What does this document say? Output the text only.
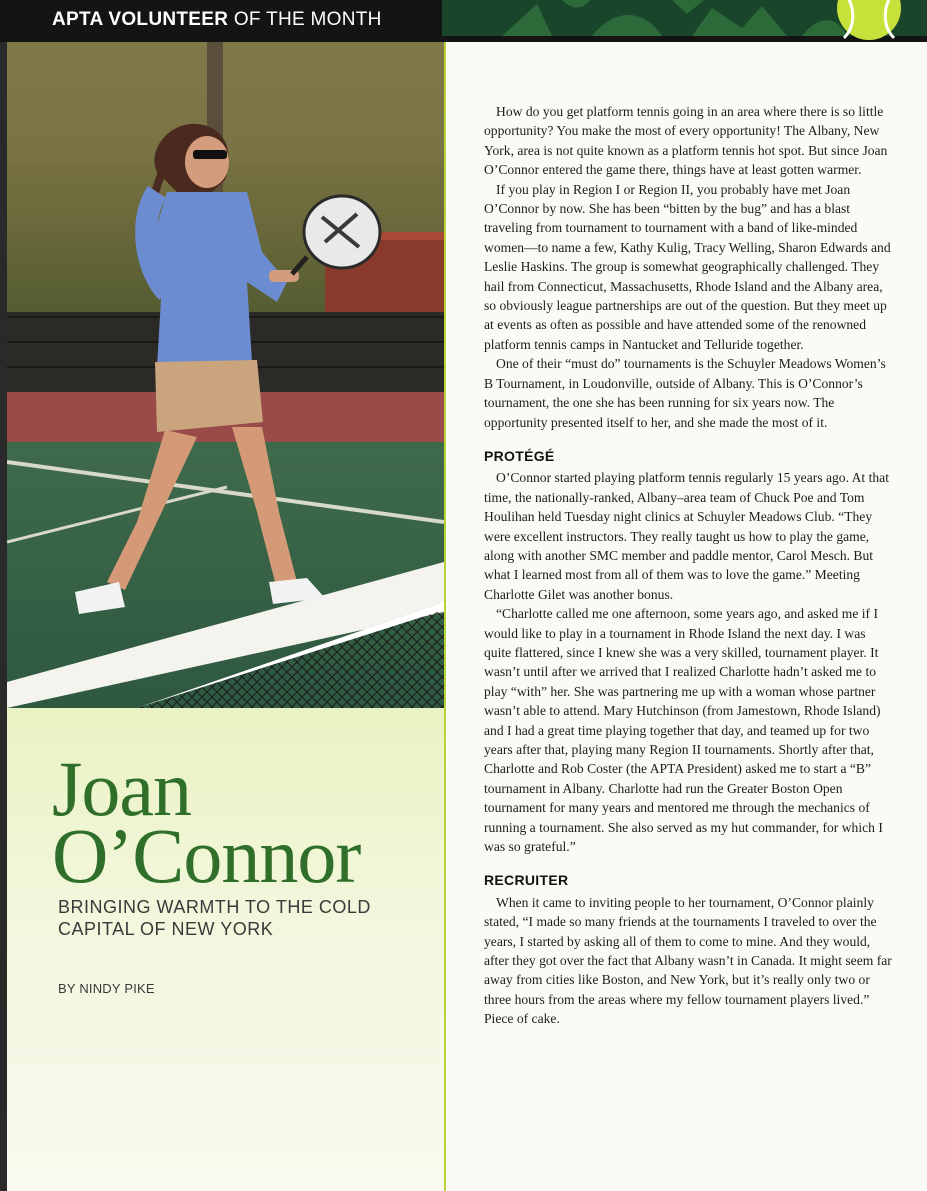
APTA VOLUNTEER OF THE MONTH
Joan
O’Connor
BRINGING WARMTH TO THE COLD CAPITAL OF NEW YORK
BY NINDY PIKE

How do you get platform tennis going in an area where there is so little opportunity? You make the most of every opportunity! The Albany, New York, area is not quite known as a platform tennis hot spot. But since Joan O’Connor entered the game there, things have at least gotten warmer.

If you play in Region I or Region II, you probably have met Joan O’Connor by now. She has been “bitten by the bug” and has a blast traveling from tournament to tournament with a band of like-minded women—to name a few, Kathy Kulig, Tracy Welling, Sharon Edwards and Leslie Haskins. The group is somewhat geographically challenged. They hail from Connecticut, Massachusetts, Rhode Island and the Albany area, so obviously league partnerships are out of the question. But they meet up at events as often as possible and have attended some of the renowned platform tennis camps in Nantucket and Telluride together.

One of their “must do” tournaments is the Schuyler Meadows Women’s B Tournament, in Loudonville, outside of Albany. This is O’Connor’s tournament, the one she has been running for six years now. The opportunity presented itself to her, and she made the most of it.

PROTÉGÉ

O’Connor started playing platform tennis regularly 15 years ago. At that time, the nationally-ranked, Albany–area team of Chuck Poe and Tom Houlihan held Tuesday night clinics at Schuyler Meadows Club. “They were excellent instructors. They really taught us how to play the game, along with another SMC member and paddle mentor, Carol Mesch. But what I learned most from all of them was to love the game.” Meeting Charlotte Gilet was another bonus.

“Charlotte called me one afternoon, some years ago, and asked me if I would like to play in a tournament in Rhode Island the next day. I was quite flattered, since I knew she was a very skilled, tournament player. It wasn’t until after we arrived that I realized Charlotte hadn’t asked me to play “with” her. She was partnering me up with a woman whose partner wasn’t able to attend. Mary Hutchinson (from Jamestown, Rhode Island) and I had a great time playing together that day, and teamed up for two years after that, playing many Region II tournaments. Shortly after that, Charlotte and Rob Coster (the APTA President) asked me to start a “B” tournament in Albany. Charlotte had run the Greater Boston Open tournament for many years and mentored me through the mechanics of running a tournament. She also served as my hut commander, for which I was so grateful.”

RECRUITER

When it came to inviting people to her tournament, O’Connor plainly stated, “I made so many friends at the tournaments I traveled to over the years, I started by asking all of them to come to mine. And they would, after they got over the fact that Albany wasn’t in Canada. It might seem far away from cities like Boston, and New York, but it’s really only two or three hours from the areas where my fellow tournament players lived.” Piece of cake.
